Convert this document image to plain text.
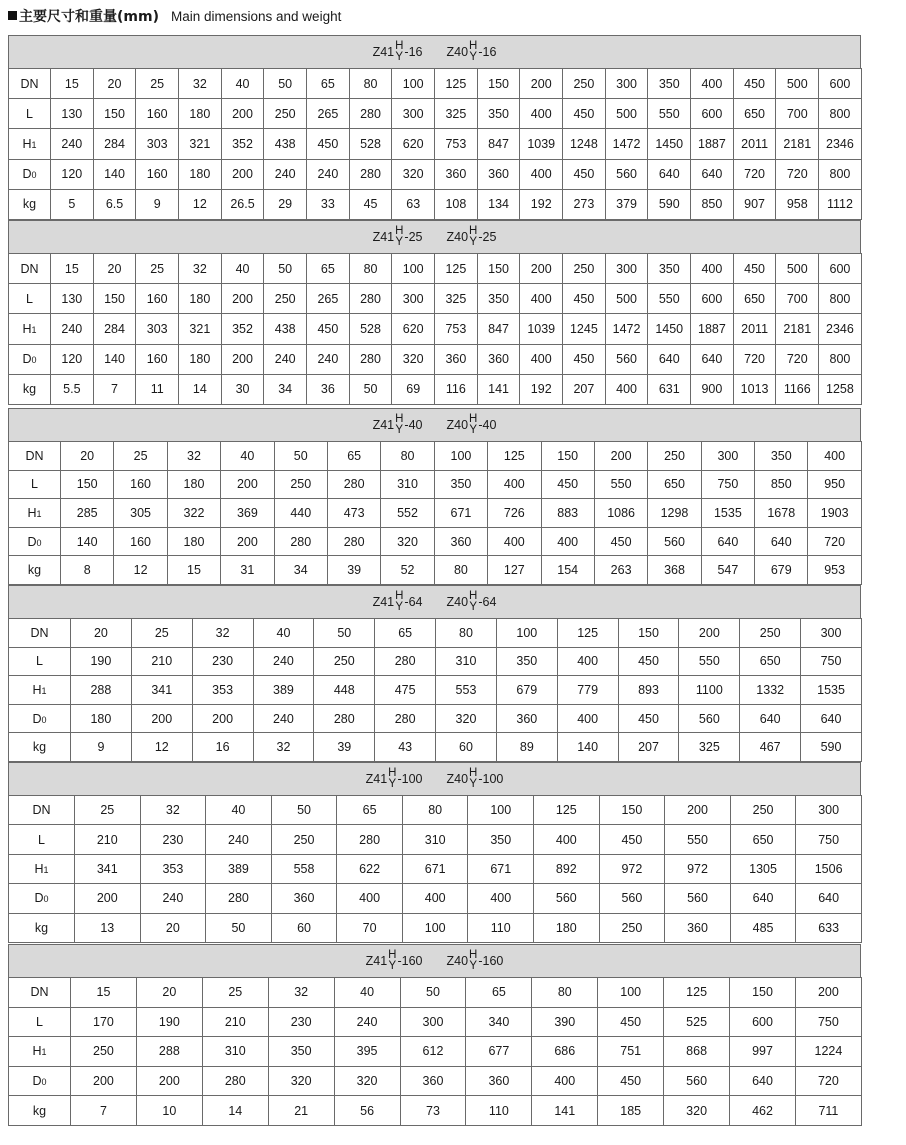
主要尺寸和重量(mm) Main dimensions and weight
Z41 H
Y -16 Z40 H
Y -16
DN	15	20	25	32	40	50	65	80	100	125	150	200	250	300	350	400	450	500	600
L	130	150	160	180	200	250	265	280	300	325	350	400	450	500	550	600	650	700	800
H1	240	284	303	321	352	438	450	528	620	753	847	1039	1248	1472	1450	1887	2011	2181	2346
D0	120	140	160	180	200	240	240	280	320	360	360	400	450	560	640	640	720	720	800
kg	5	6.5	9	12	26.5	29	33	45	63	108	134	192	273	379	590	850	907	958	1112
Z41 H
Y -25 Z40 H
Y -25
DN	15	20	25	32	40	50	65	80	100	125	150	200	250	300	350	400	450	500	600
L	130	150	160	180	200	250	265	280	300	325	350	400	450	500	550	600	650	700	800
H1	240	284	303	321	352	438	450	528	620	753	847	1039	1245	1472	1450	1887	2011	2181	2346
D0	120	140	160	180	200	240	240	280	320	360	360	400	450	560	640	640	720	720	800
kg	5.5	7	11	14	30	34	36	50	69	116	141	192	207	400	631	900	1013	1166	1258
Z41 H
Y -40 Z40 H
Y -40
DN	20	25	32	40	50	65	80	100	125	150	200	250	300	350	400
L	150	160	180	200	250	280	310	350	400	450	550	650	750	850	950
H1	285	305	322	369	440	473	552	671	726	883	1086	1298	1535	1678	1903
D0	140	160	180	200	280	280	320	360	400	400	450	560	640	640	720
kg	8	12	15	31	34	39	52	80	127	154	263	368	547	679	953
Z41 H
Y -64 Z40 H
Y -64
DN	20	25	32	40	50	65	80	100	125	150	200	250	300
L	190	210	230	240	250	280	310	350	400	450	550	650	750
H1	288	341	353	389	448	475	553	679	779	893	1100	1332	1535
D0	180	200	200	240	280	280	320	360	400	450	560	640	640
kg	9	12	16	32	39	43	60	89	140	207	325	467	590
Z41 H
Y -100 Z40 H
Y -100
DN	25	32	40	50	65	80	100	125	150	200	250	300
L	210	230	240	250	280	310	350	400	450	550	650	750
H1	341	353	389	558	622	671	671	892	972	972	1305	1506
D0	200	240	280	360	400	400	400	560	560	560	640	640
kg	13	20	50	60	70	100	110	180	250	360	485	633
Z41 H
Y -160 Z40 H
Y -160
DN	15	20	25	32	40	50	65	80	100	125	150	200
L	170	190	210	230	240	300	340	390	450	525	600	750
H1	250	288	310	350	395	612	677	686	751	868	997	1224
D0	200	200	280	320	320	360	360	400	450	560	640	720
kg	7	10	14	21	56	73	110	141	185	320	462	711
